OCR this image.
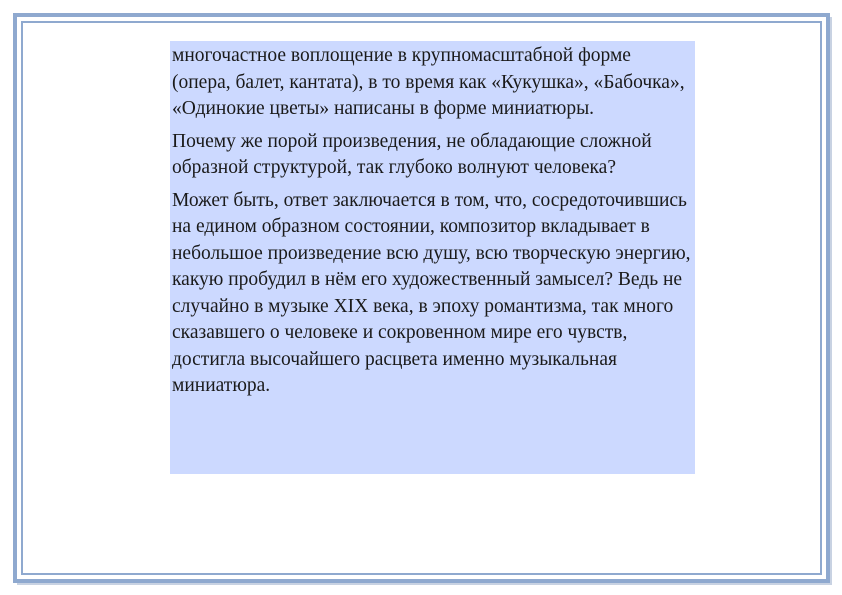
многочастное воплощение в крупномасштабной форме (опера, балет, кантата), в то время как «Кукушка», «Бабочка», «Одинокие цветы» написаны в форме миниатюры.

Почему же порой произведения, не обладающие сложной образной структурой, так глубоко волнуют человека?

Может быть, ответ заключается в том, что, сосредоточившись на едином образном состоянии, композитор вкладывает в небольшое произведение всю душу, всю творческую энергию, какую пробудил в нём его художественный замысел? Ведь не случайно в музыке XIX века, в эпоху романтизма, так много сказавшего о человеке и сокровенном мире его чувств, достигла высочайшего расцвета именно музыкальная миниатюра.
